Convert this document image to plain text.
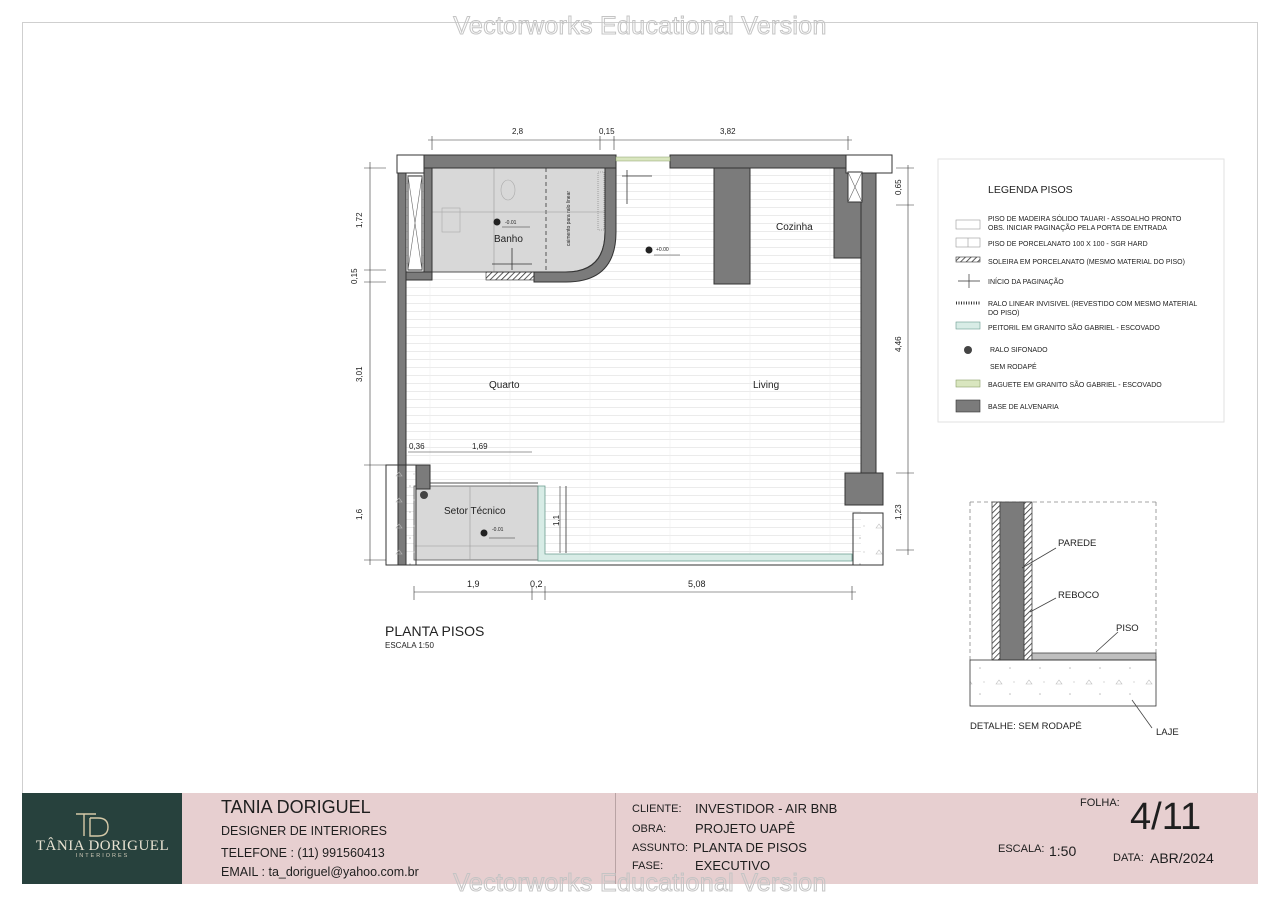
Vectorworks Educational Version
Banho
Cozinha
Quarto	Living
Setor Técnico
-0.01
+0.00
-0.01
caimento para ralo linear
2,8	0,15	3,82
1,72
0,15
3,01
1,6
0,65
4,46
1,23
1,9	0,2	5,08
0,36	1,69
1,1
PLANTA PISOS
ESCALA 1:50
LEGENDA PISOS
PISO DE MADEIRA SÓLIDO TAUARI - ASSOALHO PRONTO
OBS. INICIAR PAGINAÇÃO PELA PORTA DE ENTRADA
PISO DE PORCELANATO 100 X 100 - SGR HARD
SOLEIRA EM PORCELANATO (MESMO MATERIAL DO PISO)
INÍCIO DA PAGINAÇÃO
RALO LINEAR INVISIVEL (REVESTIDO COM MESMO MATERIAL
DO PISO)
PEITORIL EM GRANITO SÃO GABRIEL - ESCOVADO
RALO SIFONADO
SEM RODAPÉ
BAGUETE EM GRANITO SÃO GABRIEL - ESCOVADO
BASE DE ALVENARIA
PAREDE
REBOCO
PISO
DETALHE: SEM RODAPÉ
LAJE
TÂNIA DORIGUEL
INTERIORES
TANIA DORIGUEL
DESIGNER DE INTERIORES
TELEFONE : (11) 991560413
EMAIL : ta_doriguel@yahoo.com.br
CLIENTE: INVESTIDOR - AIR BNB
OBRA: PROJETO UAPÊ
ASSUNTO: PLANTA DE PISOS
FASE: EXECUTIVO
FOLHA: 4/11
ESCALA: 1:50	DATA: ABR/2024
Vectorworks Educational Version
